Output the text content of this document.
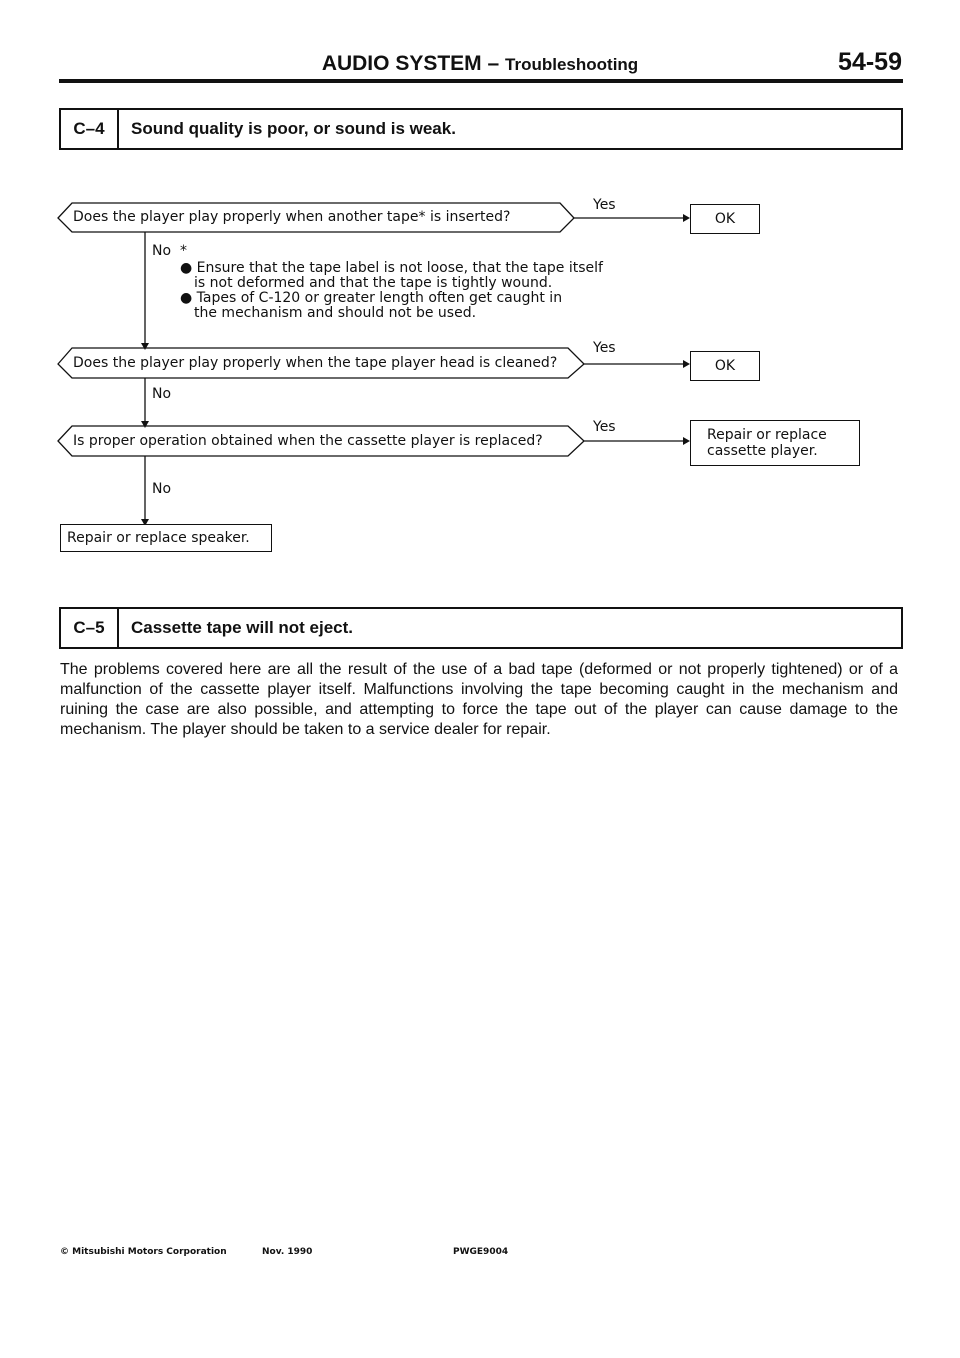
AUDIO SYSTEM – Troubleshooting	54-59
C–4	Sound quality is poor, or sound is weak.
Does the player play properly when another tape* is inserted?
Yes
OK
No *
● Ensure that the tape label is not loose, that the tape itself
is not deformed and that the tape is tightly wound.
● Tapes of C-120 or greater length often get caught in
the mechanism and should not be used.
Does the player play properly when the tape player head is cleaned?
Yes
OK
No
Is proper operation obtained when the cassette player is replaced?
Yes	Repair or replace
cassette player.
No
Repair or replace speaker.
C–5	Cassette tape will not eject.
The problems covered here are all the result of the use of a bad tape (deformed or not properly tightened) or of a malfunction of the cassette player itself. Malfunctions involving the tape becoming caught in the mechanism and ruining the case are also possible, and attempting to force the tape out of the player can cause damage to the mechanism. The player should be taken to a service dealer for repair.
© Mitsubishi Motors Corporation	Nov. 1990	PWGE9004
